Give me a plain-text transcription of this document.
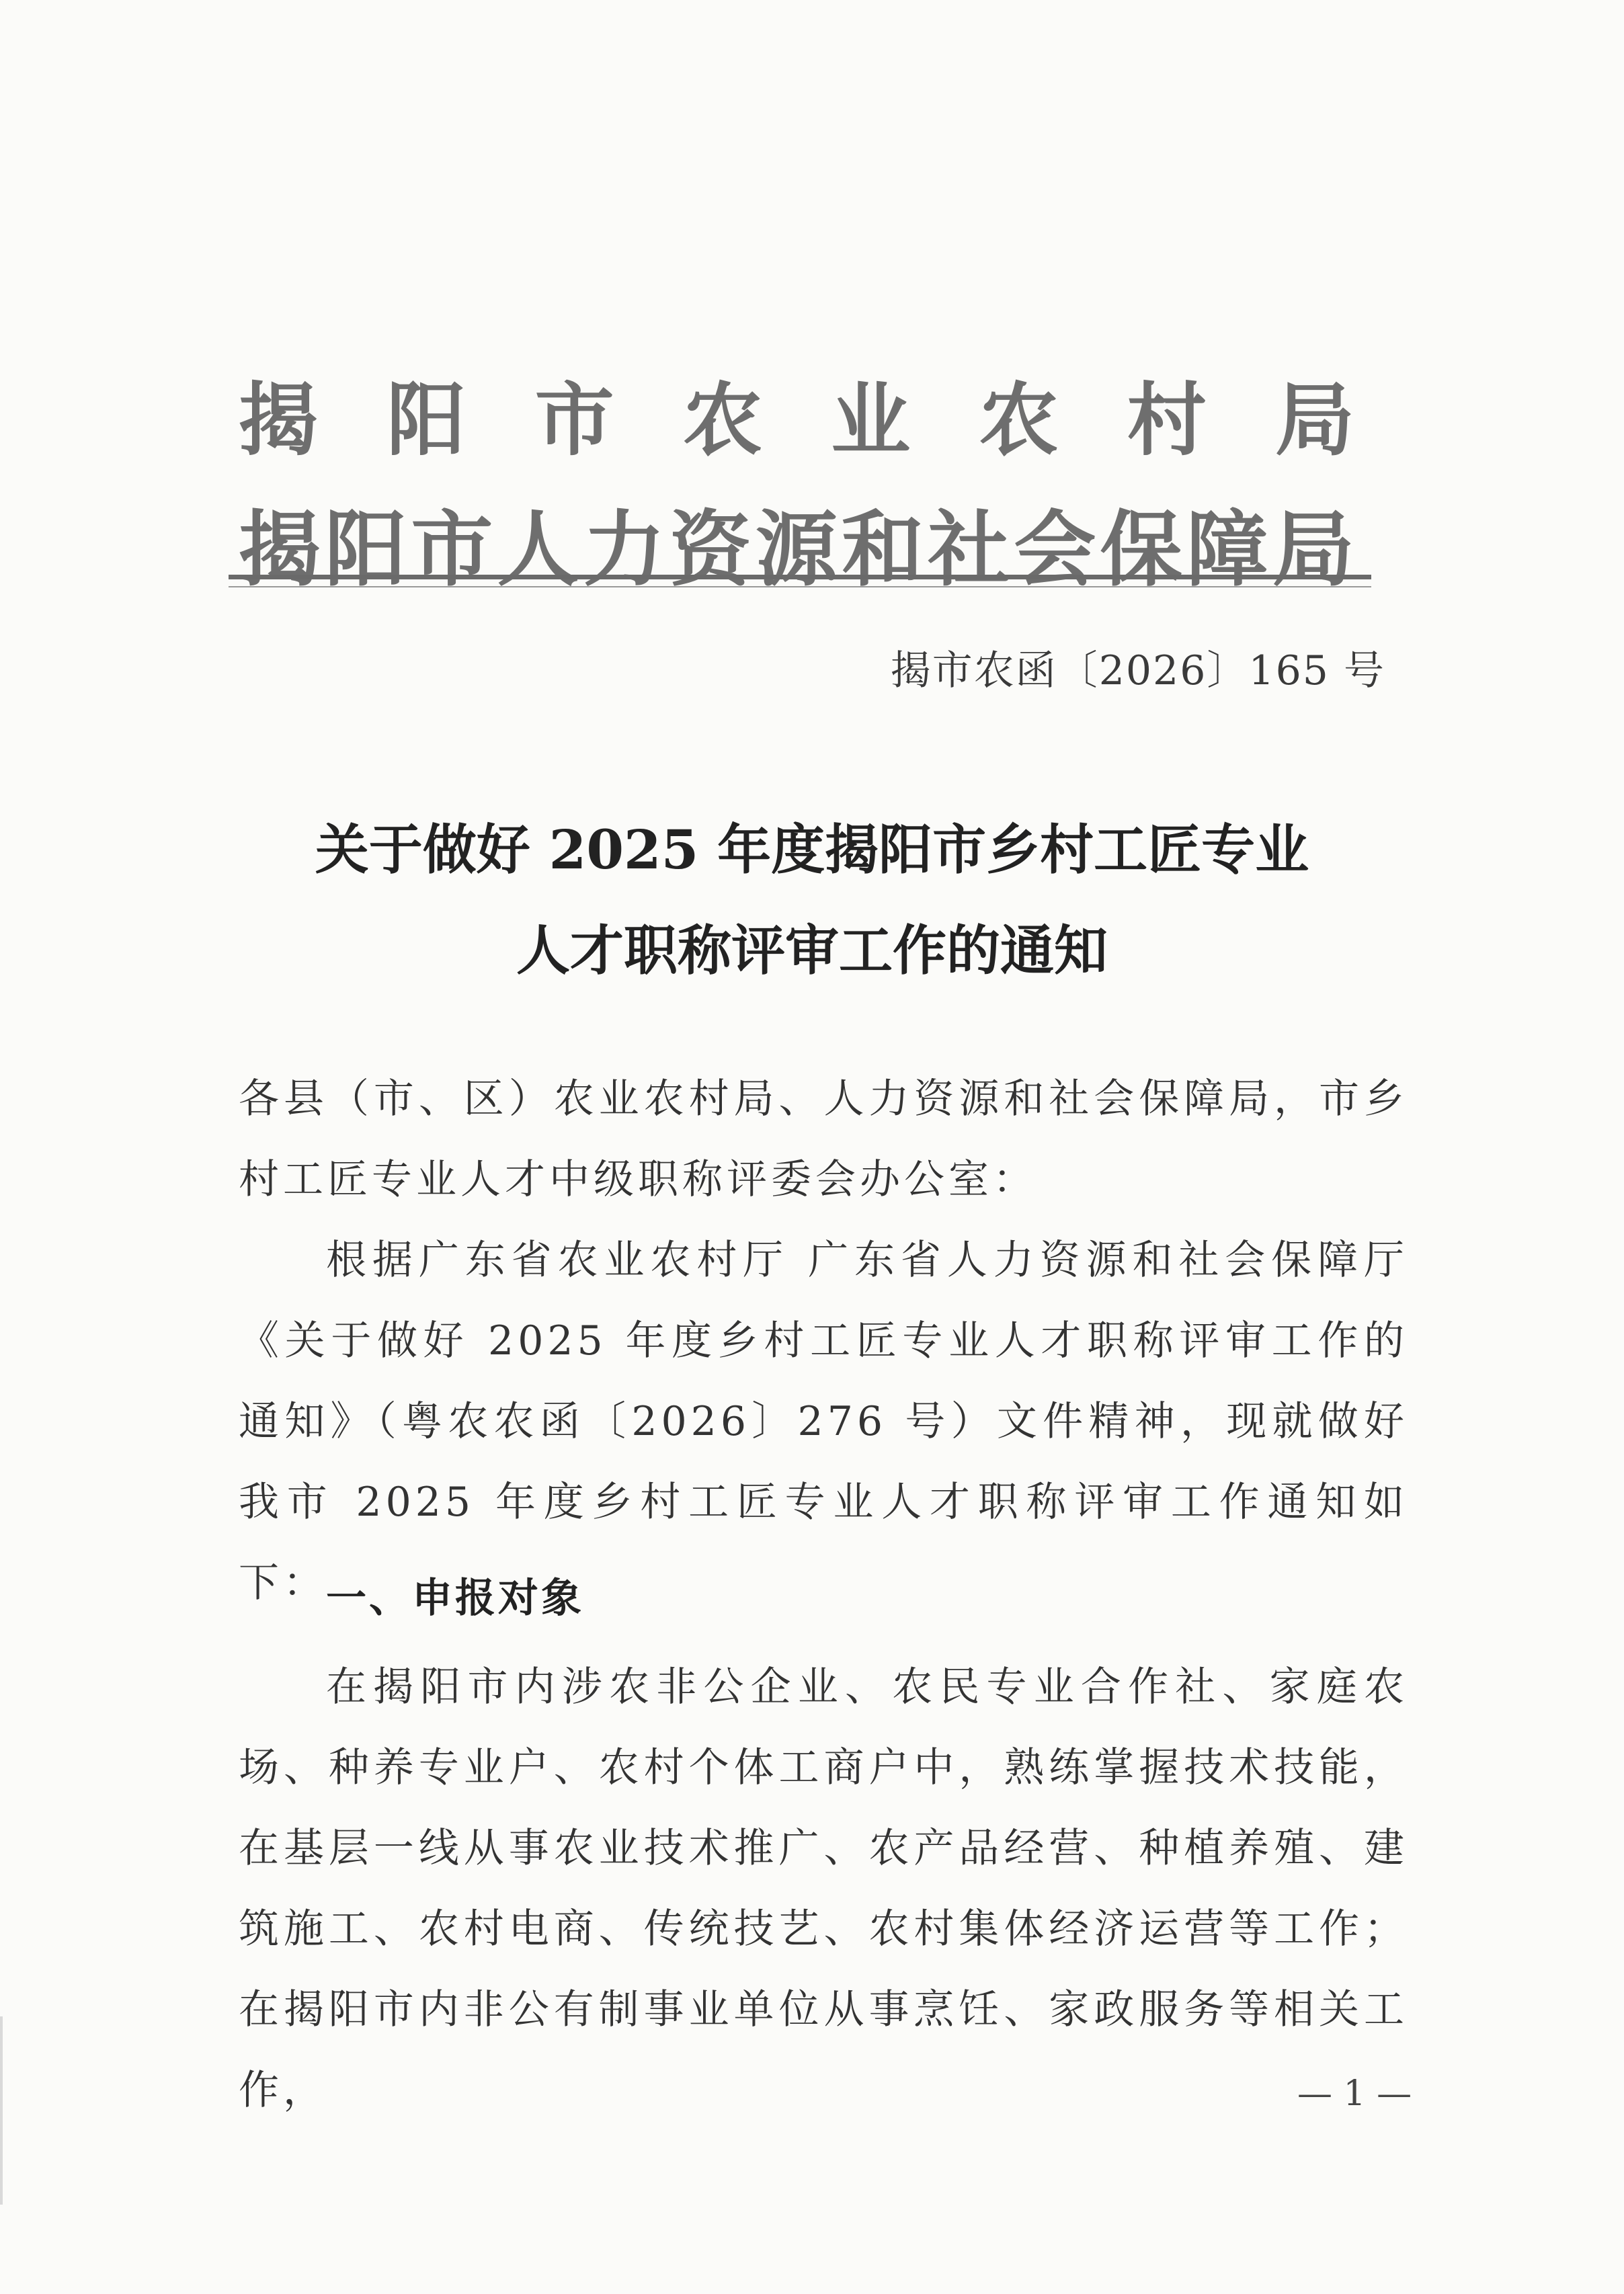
揭 阳 市 农 业 农 村 局
揭 阳 市 人 力 资 源 和 社 会 保 障 局
揭市农函〔2026〕165 号
关于做好 2025 年度揭阳市乡村工匠专业
人才职称评审工作的通知
各县（市、区）农业农村局、人力资源和社会保障局，市乡村工匠专业人才中级职称评委会办公室：
根据广东省农业农村厅 广东省人力资源和社会保障厅《关于做好 2025 年度乡村工匠专业人才职称评审工作的通知》（粤农农函〔2026〕276 号）文件精神，现就做好我市 2025 年度乡村工匠专业人才职称评审工作通知如下：
一、申报对象
在揭阳市内涉农非公企业、农民专业合作社、家庭农场、种养专业户、农村个体工商户中，熟练掌握技术技能，在基层一线从事农业技术推广、农产品经营、种植养殖、建筑施工、农村电商、传统技艺、农村集体经济运营等工作；在揭阳市内非公有制事业单位从事烹饪、家政服务等相关工作，	— 1 —
